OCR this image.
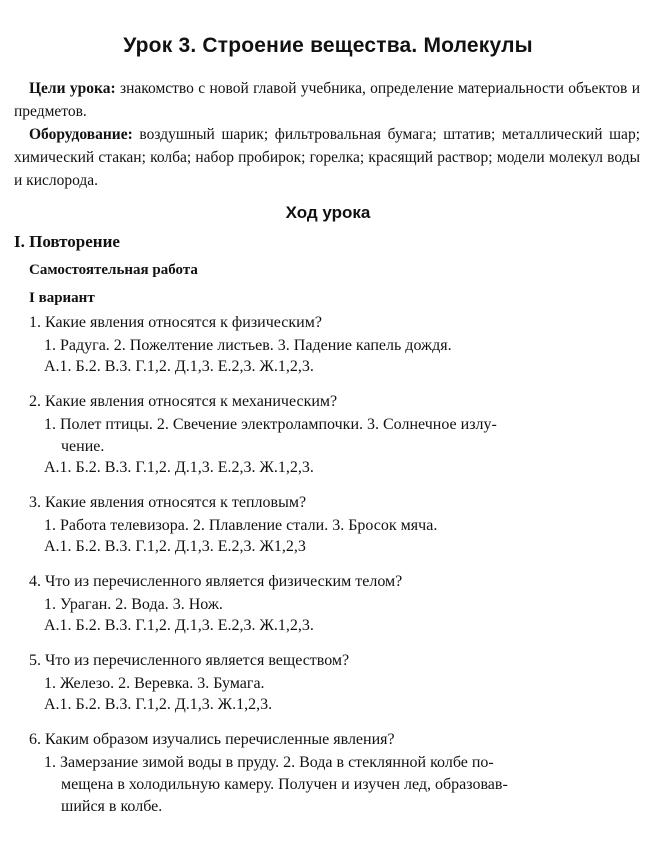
Урок 3. Строение вещества. Молекулы
Цели урока: знакомство с новой главой учебника, определение материальности объектов и предметов.
Оборудование: воздушный шарик; фильтровальная бумага; штатив; металлический шар; химический стакан; колба; набор пробирок; горелка; красящий раствор; модели молекул воды и кислорода.
Ход урока
I. Повторение
Самостоятельная работа
I вариант
1. Какие явления относятся к физическим?
1. Радуга. 2. Пожелтение листьев. 3. Падение капель дождя.
А.1. Б.2. В.3. Г.1,2. Д.1,3. Е.2,3. Ж.1,2,3.
2. Какие явления относятся к механическим?
1. Полет птицы. 2. Свечение электролампочки. 3. Солнечное излу-
чение.
А.1. Б.2. В.3. Г.1,2. Д.1,3. Е.2,3. Ж.1,2,3.
3. Какие явления относятся к тепловым?
1. Работа телевизора. 2. Плавление стали. 3. Бросок мяча.
А.1. Б.2. В.3. Г.1,2. Д.1,3. Е.2,3. Ж1,2,3
4. Что из перечисленного является физическим телом?
1. Ураган. 2. Вода. 3. Нож.
А.1. Б.2. В.3. Г.1,2. Д.1,3. Е.2,3. Ж.1,2,3.
5. Что из перечисленного является веществом?
1. Железо. 2. Веревка. 3. Бумага.
А.1. Б.2. В.3. Г.1,2. Д.1,3. Ж.1,2,3.
6. Каким образом изучались перечисленные явления?
1. Замерзание зимой воды в пруду. 2. Вода в стеклянной колбе по-
мещена в холодильную камеру. Получен и изучен лед, образовав-
шийся в колбе.
